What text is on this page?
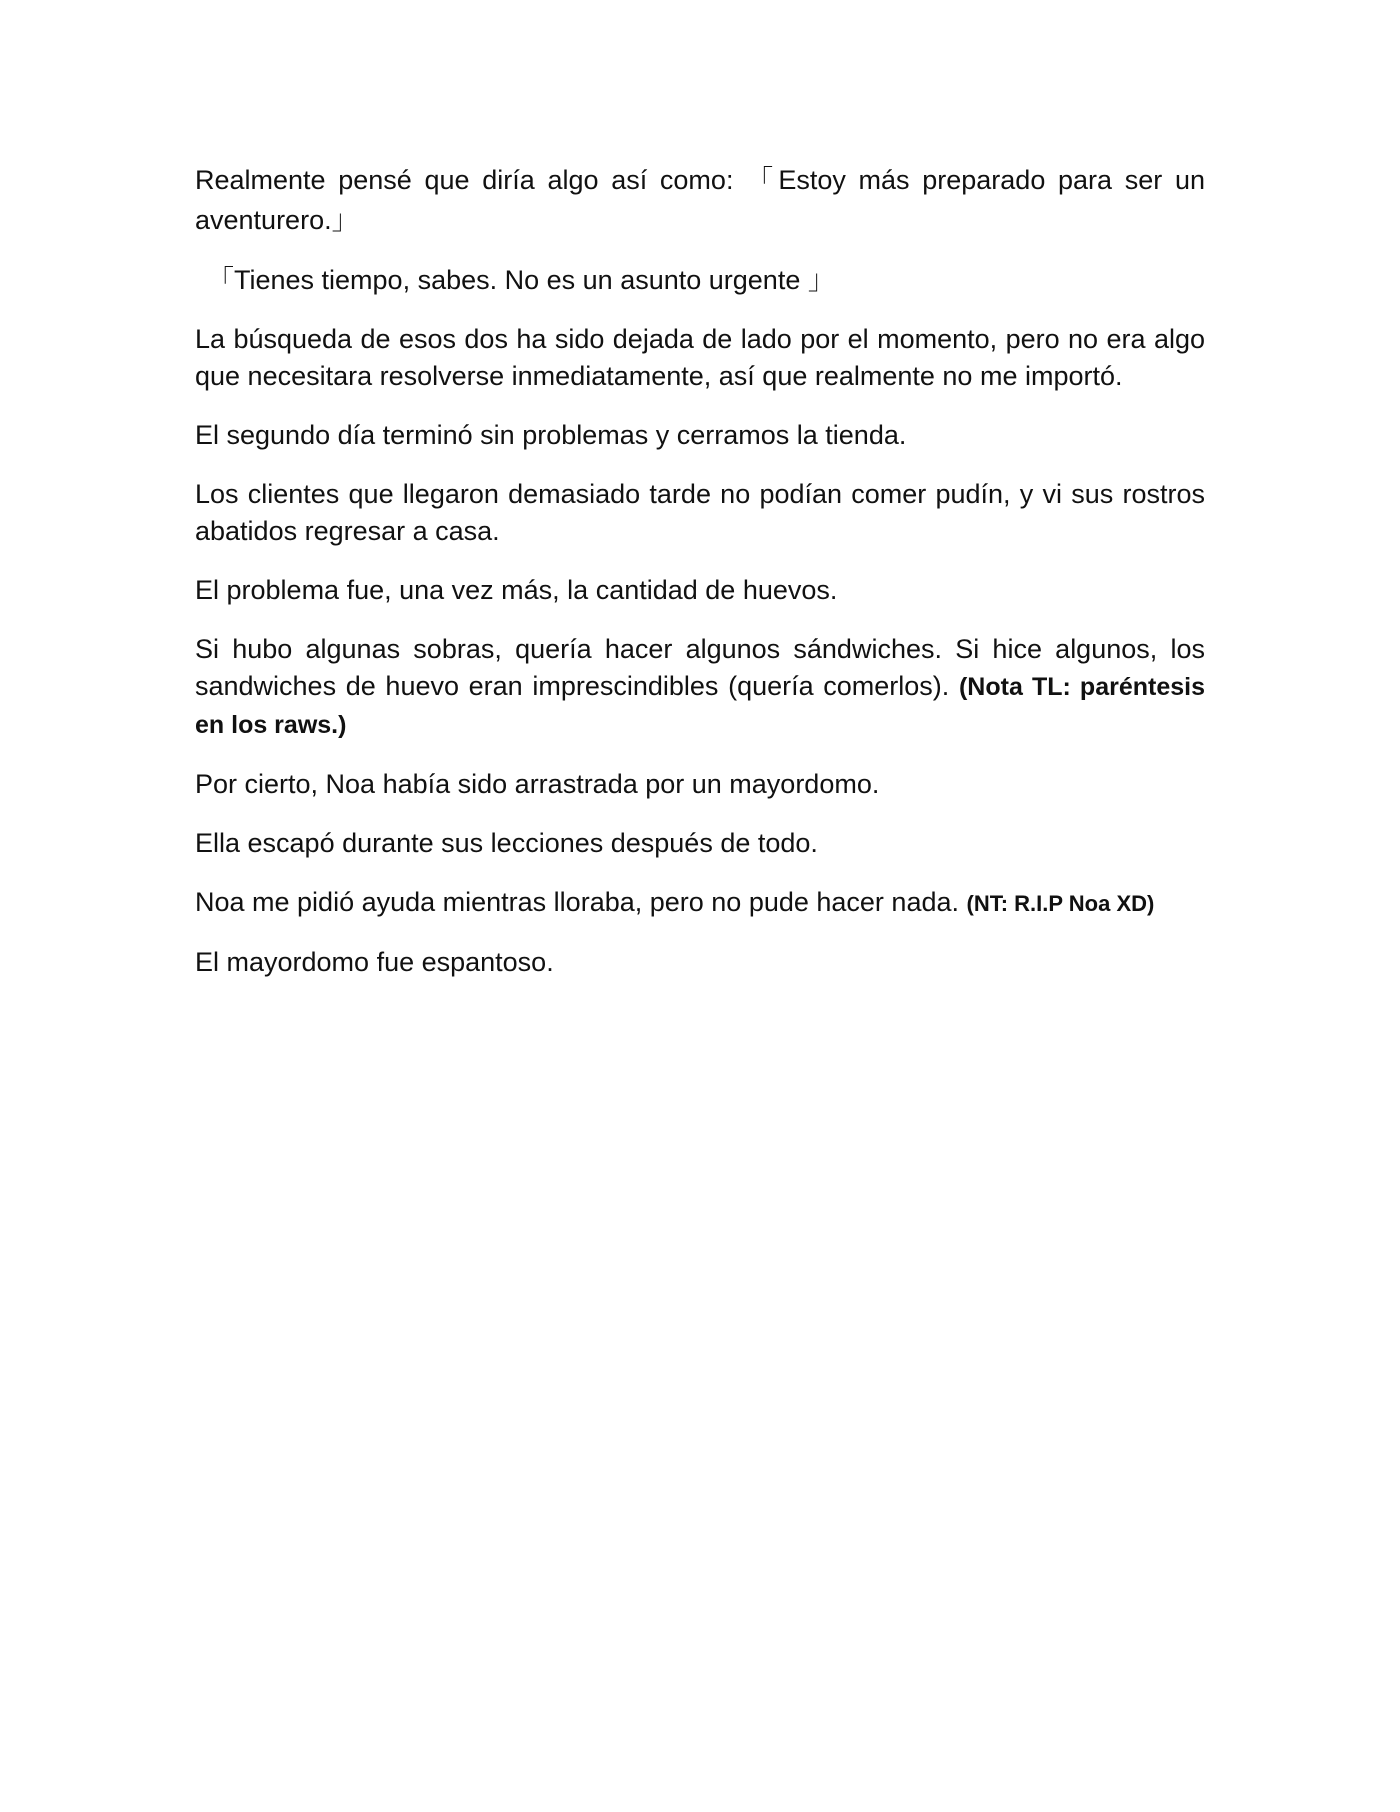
Realmente pensé que diría algo así como: 「Estoy más preparado para ser un aventurero.」

「Tienes tiempo, sabes. No es un asunto urgente 」

La búsqueda de esos dos ha sido dejada de lado por el momento, pero no era algo que necesitara resolverse inmediatamente, así que realmente no me importó.

El segundo día terminó sin problemas y cerramos la tienda.

Los clientes que llegaron demasiado tarde no podían comer pudín, y vi sus rostros abatidos regresar a casa.

El problema fue, una vez más, la cantidad de huevos.

Si hubo algunas sobras, quería hacer algunos sándwiches. Si hice algunos, los sandwiches de huevo eran imprescindibles (quería comerlos). (Nota TL: paréntesis en los raws.)

Por cierto, Noa había sido arrastrada por un mayordomo.

Ella escapó durante sus lecciones después de todo.

Noa me pidió ayuda mientras lloraba, pero no pude hacer nada. (NT: R.I.P Noa XD)

El mayordomo fue espantoso.
